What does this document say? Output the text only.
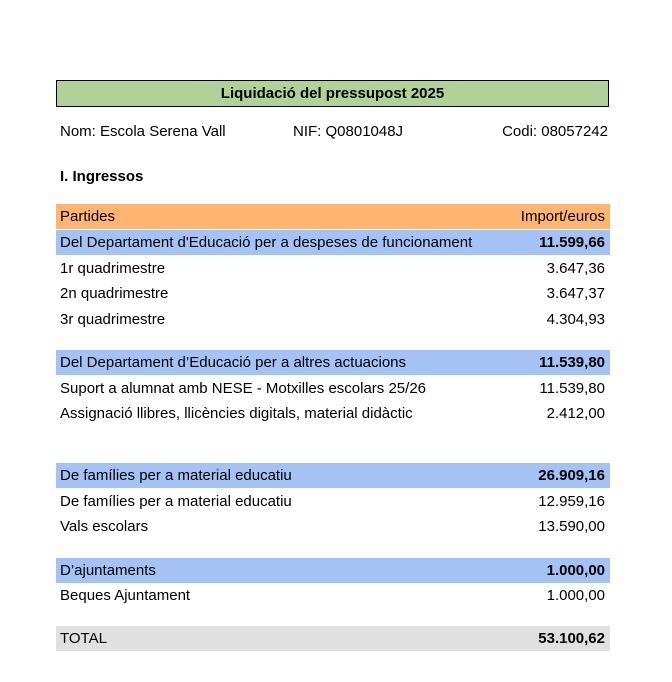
Liquidació del pressupost 2025
Nom: Escola Serena Vall	NIF: Q0801048J	Codi: 08057242
I. Ingressos
Partides	Import/euros
Del Departament d'Educació per a despeses de funcionament	11.599,66
1r quadrimestre	3.647,36
2n quadrimestre	3.647,37
3r quadrimestre	4.304,93
Del Departament d’Educació per a altres actuacions	11.539,80
Suport a alumnat amb NESE - Motxilles escolars 25/26	11.539,80
Assignació llibres, llicències digitals, material didàctic	2.412,00
De famílies per a material educatiu	26.909,16
De famílies per a material educatiu	12.959,16
Vals escolars	13.590,00
D’ajuntaments	1.000,00
Beques Ajuntament	1.000,00
TOTAL	53.100,62
